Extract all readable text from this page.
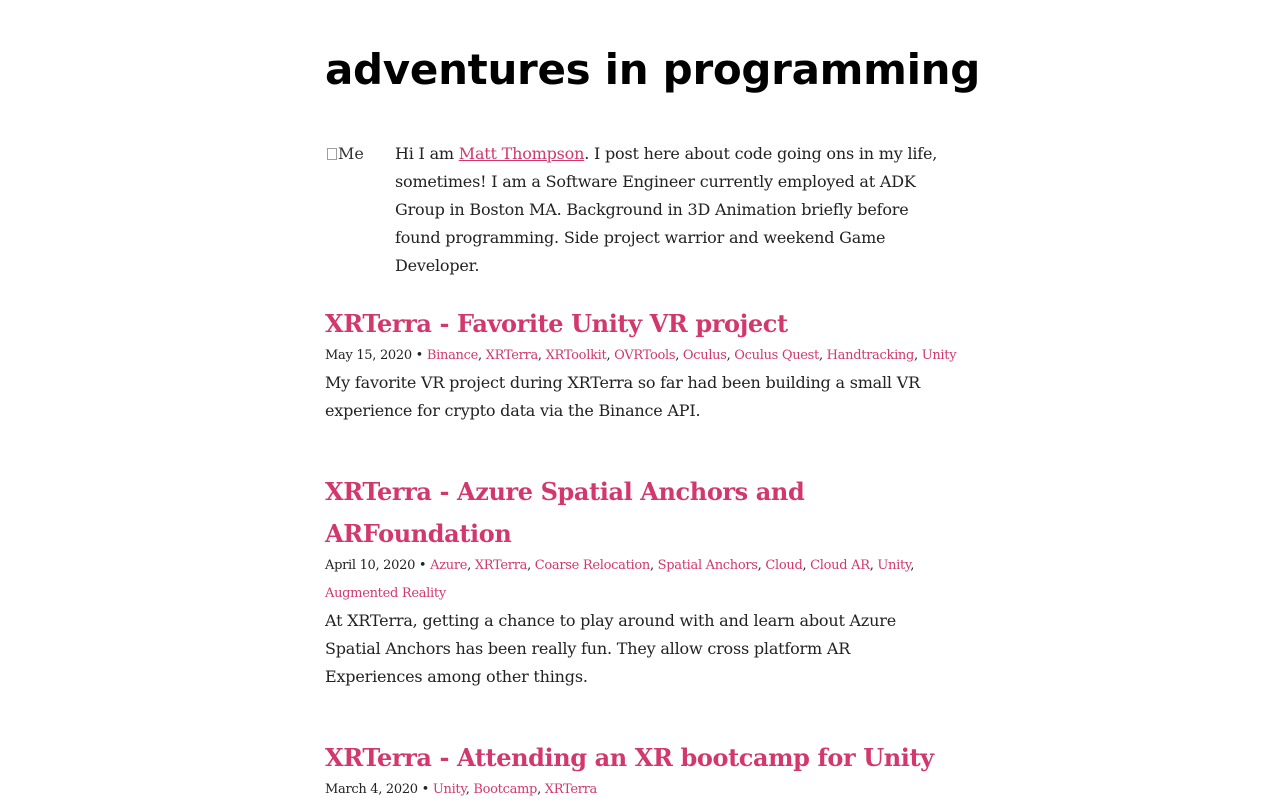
adventures in programming
Me Hi I am Matt Thompson. I post here about code going ons in my life, sometimes! I am a Software Engineer currently employed at ADK Group in Boston MA. Background in 3D Animation briefly before found programming. Side project warrior and weekend Game Developer.

XRTerra - Favorite Unity VR project

May 15, 2020 • Binance, XRTerra, XRToolkit, OVRTools, Oculus, Oculus Quest, Handtracking, Unity

My favorite VR project during XRTerra so far had been building a small VR experience for crypto data via the Binance API.

XRTerra - Azure Spatial Anchors and ARFoundation

April 10, 2020 • Azure, XRTerra, Coarse Relocation, Spatial Anchors, Cloud, Cloud AR, Unity, Augmented Reality

At XRTerra, getting a chance to play around with and learn about Azure Spatial Anchors has been really fun. They allow cross platform AR Experiences among other things.

XRTerra - Attending an XR bootcamp for Unity

March 4, 2020 • Unity, Bootcamp, XRTerra
